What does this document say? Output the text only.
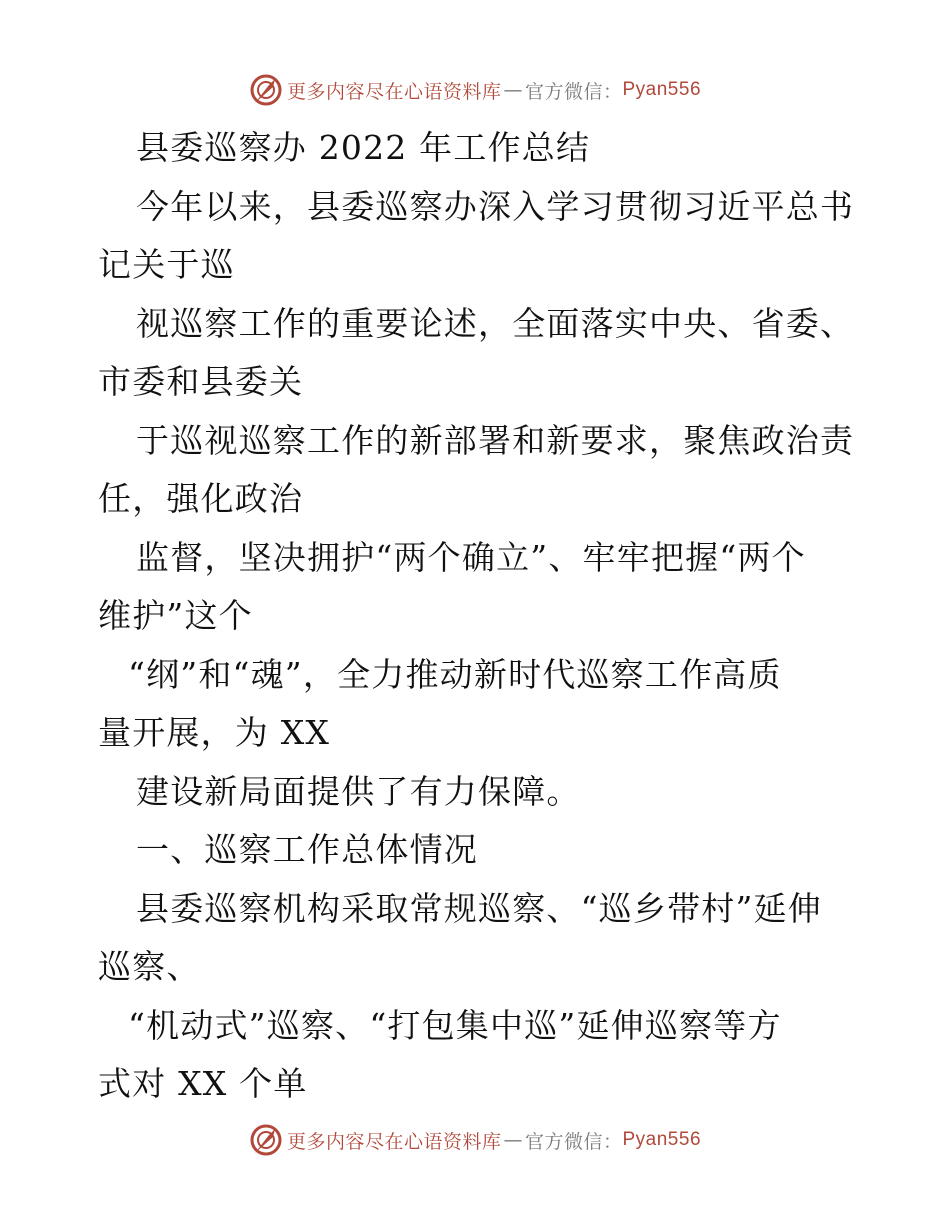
更多内容尽在心语资料库 — 官方微信： Pyan556
县委巡察办 2022 年工作总结
今年以来，县委巡察办深入学习贯彻习近平总书
记关于巡
视巡察工作的重要论述，全面落实中央、省委、
市委和县委关
于巡视巡察工作的新部署和新要求，聚焦政治责
任，强化政治
监督，坚决拥护“两个确立”、牢牢把握“两个
维护”这个
“纲”和“魂”，全力推动新时代巡察工作高质
量开展，为 XX
建设新局面提供了有力保障。
一、巡察工作总体情况
县委巡察机构采取常规巡察、“巡乡带村”延伸
巡察、
“机动式”巡察、“打包集中巡”延伸巡察等方
式对 XX 个单
更多内容尽在心语资料库 — 官方微信： Pyan556
